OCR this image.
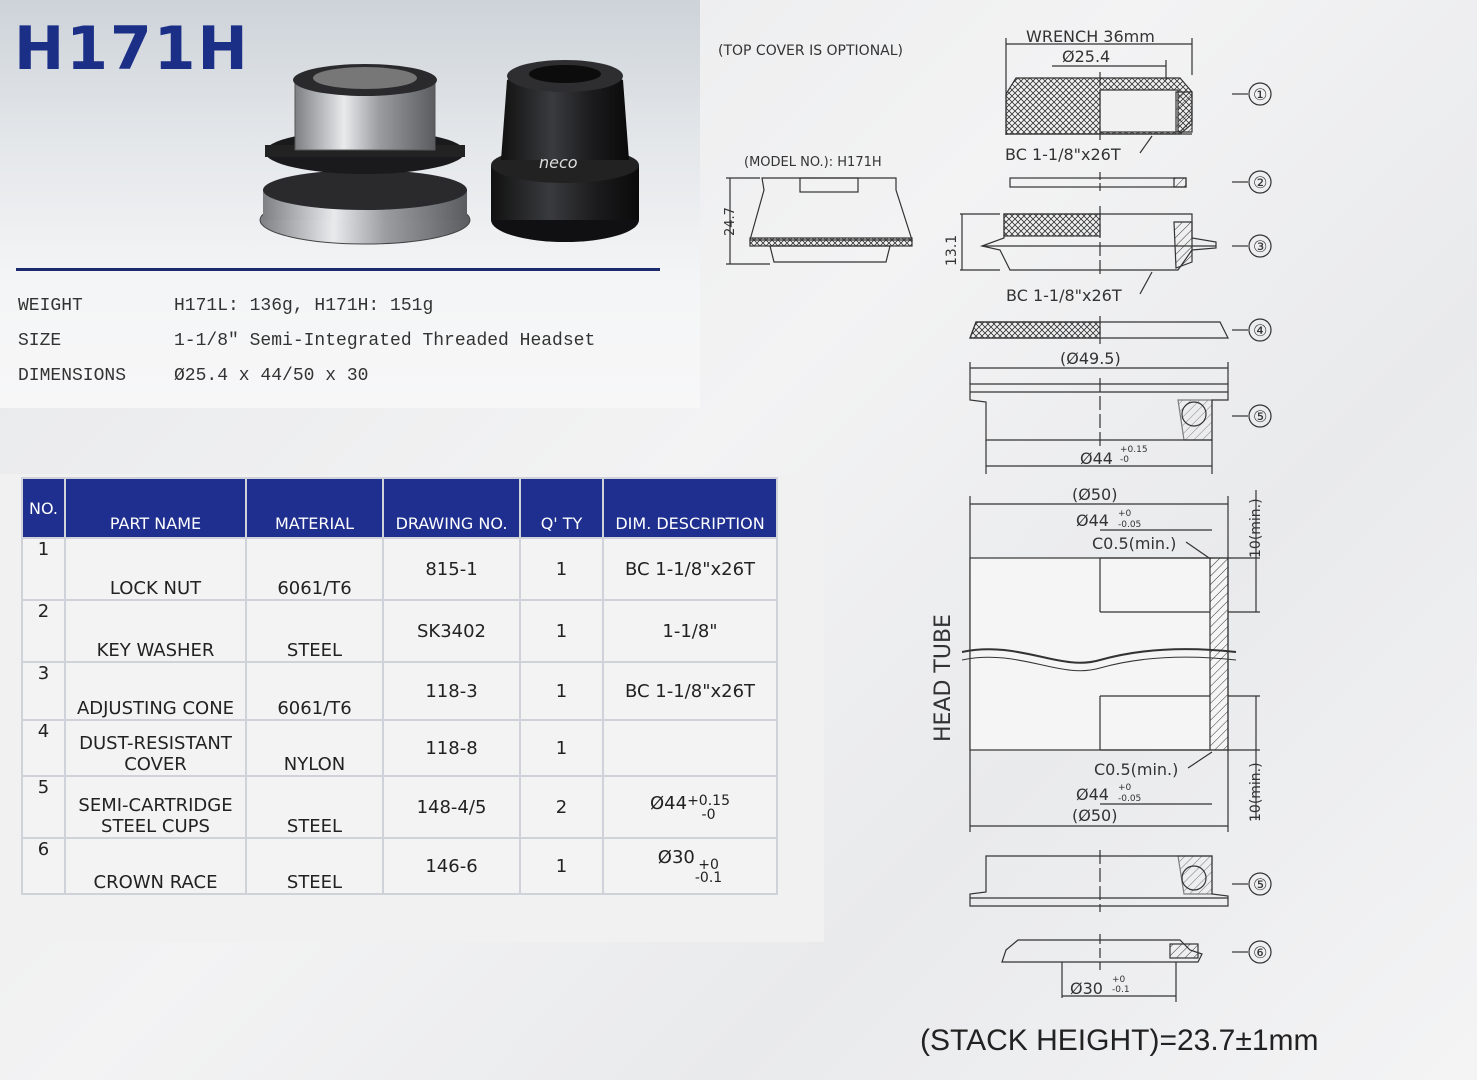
H171H
neco
WEIGHT	H171L: 136g, H171H: 151g
SIZE	1-1/8" Semi-Integrated Threaded Headset
DIMENSIONS	Ø25.4 x 44/50 x 30
NO.	PART NAME	MATERIAL	DRAWING NO.	Q' TY	DIM. DESCRIPTION
1	LOCK NUT	6061/T6	815-1	1	BC 1-1/8"x26T
2	KEY WASHER	STEEL	SK3402	1	1-1/8"
3	ADJUSTING CONE	6061/T6	118-3	1	BC 1-1/8"x26T
4	DUST-RESISTANT COVER	NYLON	118-8	1	
5	SEMI-CARTRIDGE STEEL CUPS	STEEL	148-4/5	2	Ø44 +0.15
-0

6	CROWN RACE	STEEL	146-6	1	Ø30 +0
-0.1
(TOP COVER IS OPTIONAL)
(MODEL NO.): H171H
24.7
WRENCH 36mm
Ø25.4
BC 1-1/8"x26T
①
②
13.1
BC 1-1/8"x26T
③
④
(Ø49.5)
Ø44 +0.15
-0
⑤
(Ø50)
Ø44 +0
-0.05
C0.5(min.)	10(min.)
10(min.)
HEAD TUBE
C0.5(min.)
Ø44 +0
-0.05
(Ø50)
⑤
Ø30 +0
-0.1
⑥
(STACK HEIGHT)=23.7±1mm
